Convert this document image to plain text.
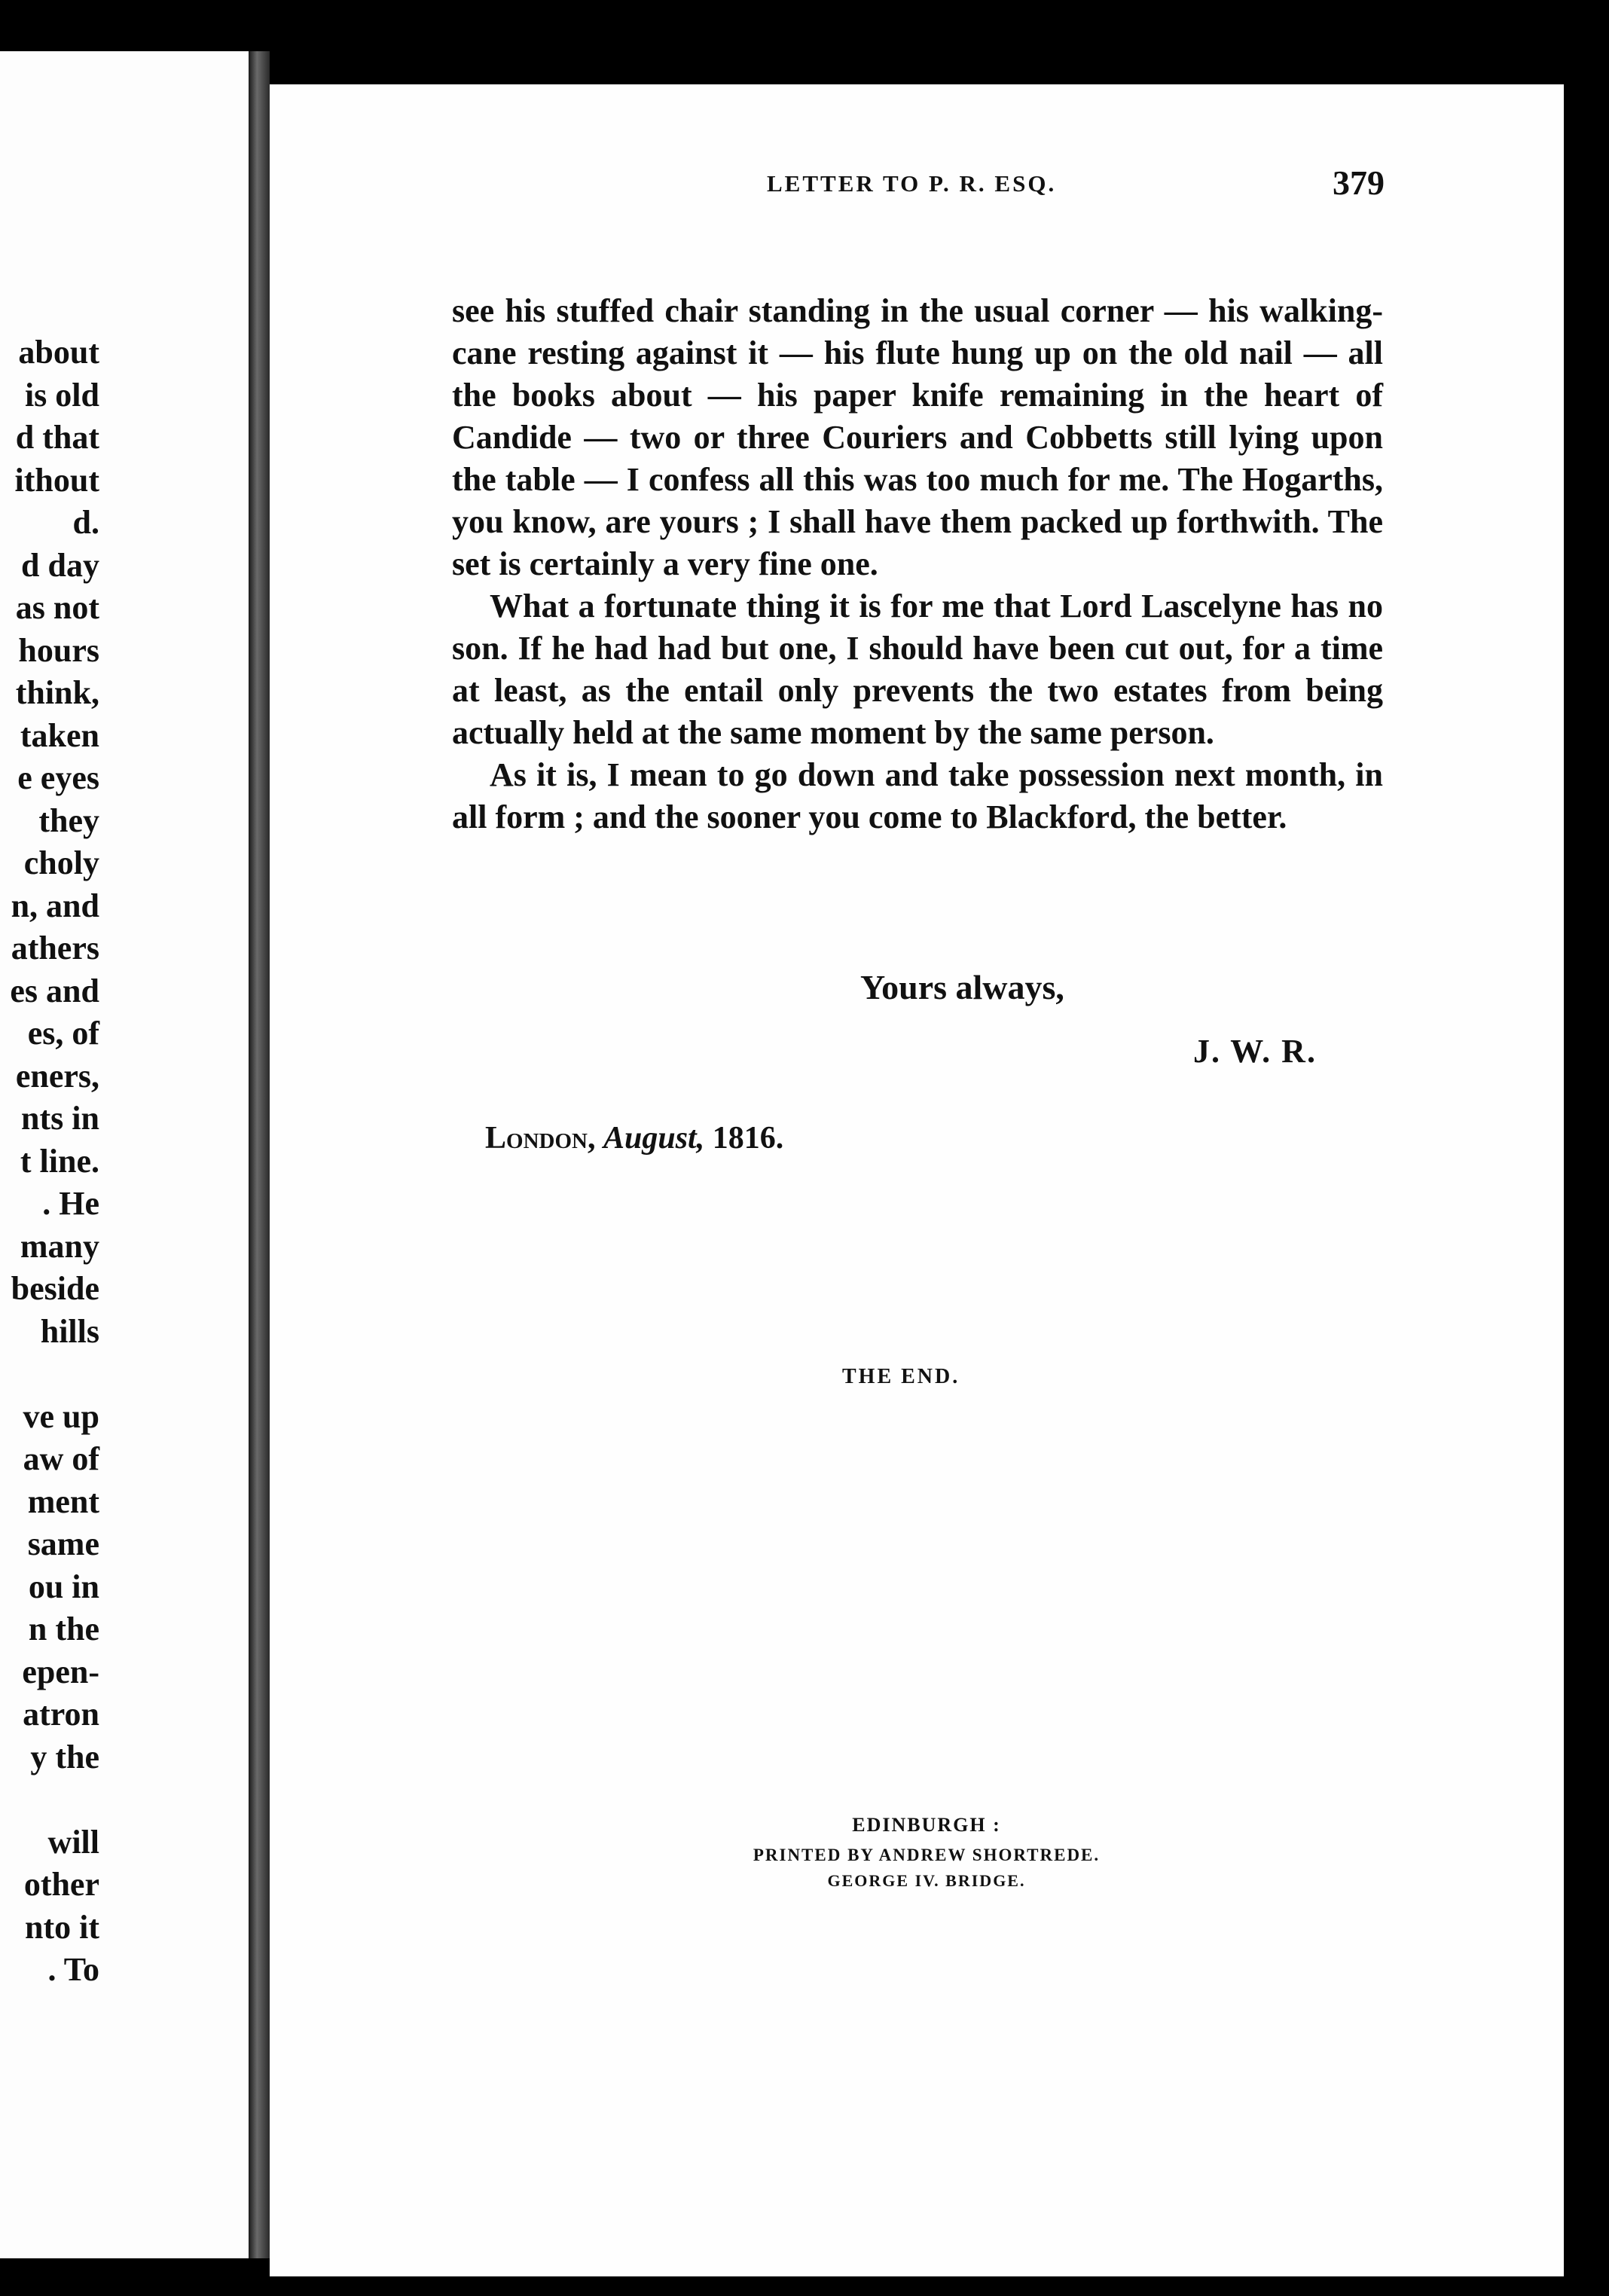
about
is old
d that
ithout
d.
d day
as not
hours
think,
taken
e eyes
they
choly
n, and
athers
es and
es, of
eners,
nts in
t line.
. He
many
beside
hills
ve up
aw of
ment
same
ou in
n the
epen-
atron
y the
will
other
nto it
. To
LETTER TO P. R. ESQ.	379

see his stuffed chair standing in the usual corner — his walking-cane resting against it — his flute hung up on the old nail — all the books about — his paper knife remaining in the heart of Candide — two or three Couriers and Cobbetts still lying upon the table — I confess all this was too much for me. The Hogarths, you know, are yours ; I shall have them packed up forthwith. The set is certainly a very fine one.

What a fortunate thing it is for me that Lord Lascelyne has no son. If he had had but one, I should have been cut out, for a time at least, as the entail only prevents the two estates from being actually held at the same moment by the same person.

As it is, I mean to go down and take possession next month, in all form ; and the sooner you come to Blackford, the better.

Yours always,
J. W. R.
London, August, 1816.
THE END.
EDINBURGH :
PRINTED BY ANDREW SHORTREDE.
GEORGE IV. BRIDGE.
